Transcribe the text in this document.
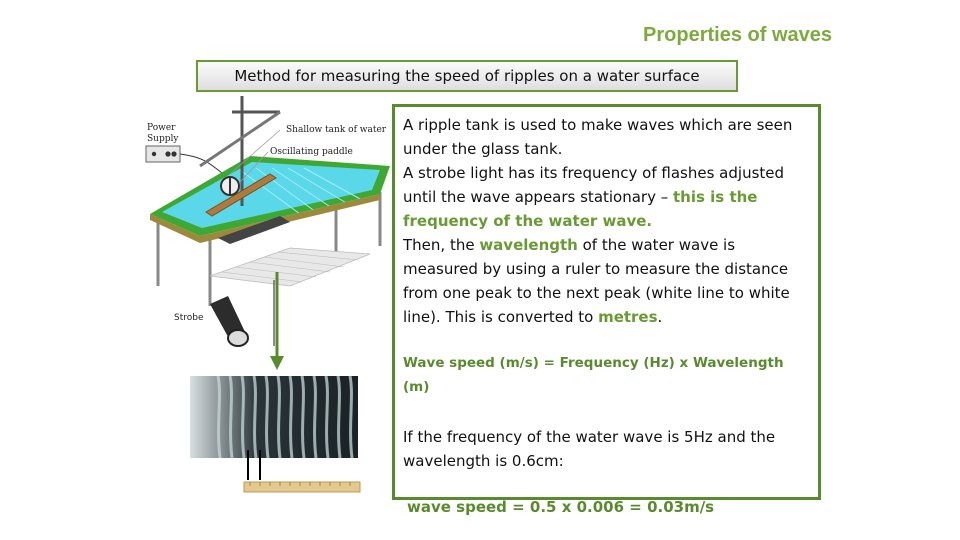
Properties of waves
Method for measuring the speed of ripples on a water surface
Power
Supply
Shallow tank of water
Oscillating paddle
Strobe

A ripple tank is used to make waves which are seen under the glass tank.

A strobe light has its frequency of flashes adjusted until the wave appears stationary – this is the frequency of the water wave.

Then, the wavelength of the water wave is measured by using a ruler to measure the distance from one peak to the next peak (white line to white line). This is converted to metres.

Wave speed (m/s) = Frequency (Hz) x Wavelength (m)

If the frequency of the water wave is 5Hz and the wavelength is 0.6cm:

wave speed = 0.5 x 0.006 = 0.03m/s
